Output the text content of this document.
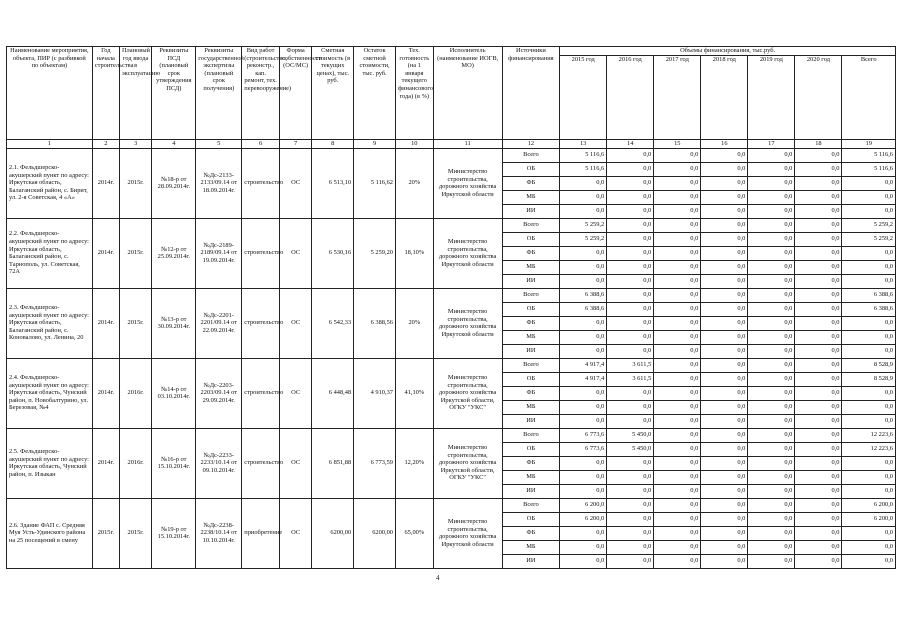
Наименование мероприятия, объекта, ПИР (с разбивкой по объектам)	Год начала строительства	Плановый год ввода в эксплуатацию	Реквизиты ПСД (плановый срок утверждения ПСД)	Реквизиты государственной экспертизы (плановый срок получения)	Вид работ (строительство, реконстр., кап. ремонт, тех. перевооружение)	Форма собственности (ОС/МС)	Сметная стоимость (в текущих ценах), тыс. руб.	Остаток сметной стоимости, тыс. руб.	Тех. готовность (на 1 января текущего финансового года) (в %)	Исполнитель (наименование ИОГВ, МО)	Источники финансирования	Объемы финансирования, тыс.руб.						
												2015 год	2016 год	2017 год	2018 год	2019 год	2020 год	Всего
1	2	3	4	5	6	7	8	9	10	11	12	13	14	15	16	17	18	19
2.1. Фельдшерско-акушерский пункт по адресу: Иркутская область, Балаганский район, с. Бирит, ул. 2-я Советская, 4 «А»	2014г.	2015г.	№18-р от 28.09.2014г.	№Дс-2133-2133/09.14 от 18.09.2014г.	строительство	ОС	6 513,10	5 116,62	20%	Министерство строительства, дорожного хозяйства Иркутской области	Всего	5 116,6	0,0	0,0	0,0	0,0	0,0	5 116,6
											ОБ	5 116,6	0,0	0,0	0,0	0,0	0,0	5 116,6
											ФБ	0,0	0,0	0,0	0,0	0,0	0,0	0,0
											МБ	0,0	0,0	0,0	0,0	0,0	0,0	0,0
											ИИ	0,0	0,0	0,0	0,0	0,0	0,0	0,0
2.2. Фельдшерско-акушерский пункт по адресу: Иркутская область, Балаганский район, с. Тарнополь, ул. Советская, 72А	2014г.	2015г.	№12-р от 25.09.2014г.	№Дс-2189-2189/09.14 от 19.09.2014г.	строительство	ОС	6 530,16	5 259,20	18,10%	Министерство строительства, дорожного хозяйства Иркутской области	Всего	5 259,2	0,0	0,0	0,0	0,0	0,0	5 259,2
											ОБ	5 259,2	0,0	0,0	0,0	0,0	0,0	5 259,2
											ФБ	0,0	0,0	0,0	0,0	0,0	0,0	0,0
											МБ	0,0	0,0	0,0	0,0	0,0	0,0	0,0
											ИИ	0,0	0,0	0,0	0,0	0,0	0,0	0,0
2.3. Фельдшерско-акушерский пункт по адресу: Иркутская область, Балаганский район, с. Коновалово, ул. Ленина, 20	2014г.	2015г.	№13-р от 30.09.2014г.	№Дс-2201-2201/09.14 от 22.09.2014г.	строительство	ОС	6 542,33	6 388,56	20%	Министерство строительства, дорожного хозяйства Иркутской области	Всего	6 388,6	0,0	0,0	0,0	0,0	0,0	6 388,6
											ОБ	6 388,6	0,0	0,0	0,0	0,0	0,0	6 388,6
											ФБ	0,0	0,0	0,0	0,0	0,0	0,0	0,0
											МБ	0,0	0,0	0,0	0,0	0,0	0,0	0,0
											ИИ	0,0	0,0	0,0	0,0	0,0	0,0	0,0
2.4. Фельдшерско-акушерский пункт по адресу: Иркутская область, Чунский район, п. Новобалтурино, ул. Березовая, №4	2014г.	2016г.	№14-р от 03.10.2014г.	№Дс-2203-2203/09.14 от 29.09.2014г.	строительство	ОС	6 448,48	4 910,37	41,10%	Министерство строительства, дорожного хозяйства Иркутской области, ОГКУ "УКС"	Всего	4 917,4	3 611,5	0,0	0,0	0,0	0,0	8 528,9
											ОБ	4 917,4	3 611,5	0,0	0,0	0,0	0,0	8 528,9
											ФБ	0,0	0,0	0,0	0,0	0,0	0,0	0,0
											МБ	0,0	0,0	0,0	0,0	0,0	0,0	0,0
											ИИ	0,0	0,0	0,0	0,0	0,0	0,0	0,0
2.5. Фельдшерско-акушерский пункт по адресу: Иркутская область, Чунский район, п. Изыкан	2014г.	2016г.	№16-р от 15.10.2014г.	№Дс-2233-2233/10.14 от 09.10.2014г.	строительство	ОС	6 851,88	6 773,59	12,20%	Министерство строительства, дорожного хозяйства Иркутской области, ОГКУ "УКС"	Всего	6 773,6	5 450,0	0,0	0,0	0,0	0,0	12 223,6
											ОБ	6 773,6	5 450,0	0,0	0,0	0,0	0,0	12 223,6
											ФБ	0,0	0,0	0,0	0,0	0,0	0,0	0,0
											МБ	0,0	0,0	0,0	0,0	0,0	0,0	0,0
											ИИ	0,0	0,0	0,0	0,0	0,0	0,0	0,0
2.6. Здание ФАП с. Средняя Муя Усть-Удинского района на 25 посещений в смену	2015г.	2015г.	№19-р от 15.10.2014г.	№Дс-2238-2238/10.14 от 10.10.2014г.	приобретение	ОС	6200,00	6200,00	65,00%	Министерство строительства, дорожного хозяйства Иркутской области	Всего	6 200,0	0,0	0,0	0,0	0,0	0,0	6 200,0
											ОБ	6 200,0	0,0	0,0	0,0	0,0	0,0	6 200,0
											ФБ	0,0	0,0	0,0	0,0	0,0	0,0	0,0
											МБ	0,0	0,0	0,0	0,0	0,0	0,0	0,0
											ИИ	0,0	0,0	0,0	0,0	0,0	0,0	0,0
4
